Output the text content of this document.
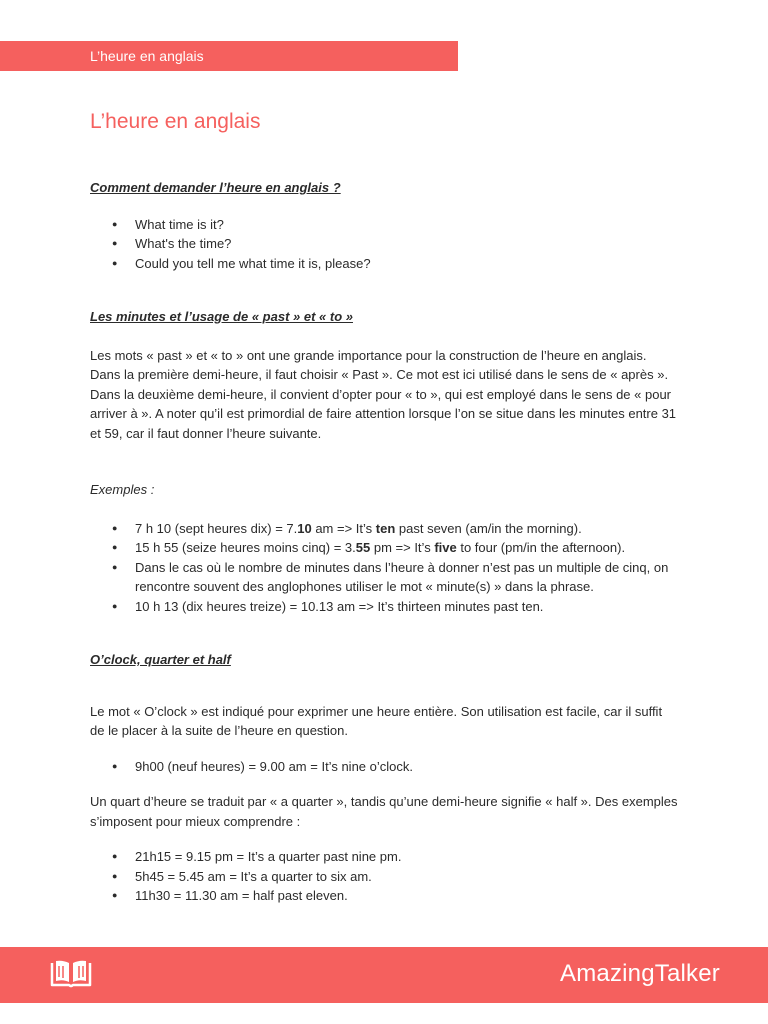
L’heure en anglais
L’heure en anglais

Comment demander l’heure en anglais ?

● What time is it?
● What's the time?
● Could you tell me what time it is, please?

Les minutes et l’usage de « past » et « to »

Les mots « past » et « to » ont une grande importance pour la construction de l’heure en anglais. Dans la première demi-heure, il faut choisir « Past ». Ce mot est ici utilisé dans le sens de « après ». Dans la deuxième demi-heure, il convient d’opter pour « to », qui est employé dans le sens de « pour arriver à ». A noter qu’il est primordial de faire attention lorsque l’on se situe dans les minutes entre 31 et 59, car il faut donner l’heure suivante.

Exemples :

● 7 h 10 (sept heures dix) = 7.10 am => It’s ten past seven (am/in the morning).
● 15 h 55 (seize heures moins cinq) = 3.55 pm => It’s five to four (pm/in the afternoon).
● Dans le cas où le nombre de minutes dans l’heure à donner n’est pas un multiple de cinq, on rencontre souvent des anglophones utiliser le mot « minute(s) » dans la phrase.
● 10 h 13 (dix heures treize) = 10.13 am => It’s thirteen minutes past ten.

O’clock, quarter et half

Le mot « O’clock » est indiqué pour exprimer une heure entière. Son utilisation est facile, car il suffit de le placer à la suite de l’heure en question.

● 9h00 (neuf heures) = 9.00 am = It’s nine o’clock.

Un quart d’heure se traduit par « a quarter », tandis qu’une demi-heure signifie « half ». Des exemples s’imposent pour mieux comprendre :

● 21h15 = 9.15 pm = It’s a quarter past nine pm.
● 5h45 = 5.45 am = It’s a quarter to six am.
● 11h30 = 11.30 am = half past eleven.
AmazingTalker
